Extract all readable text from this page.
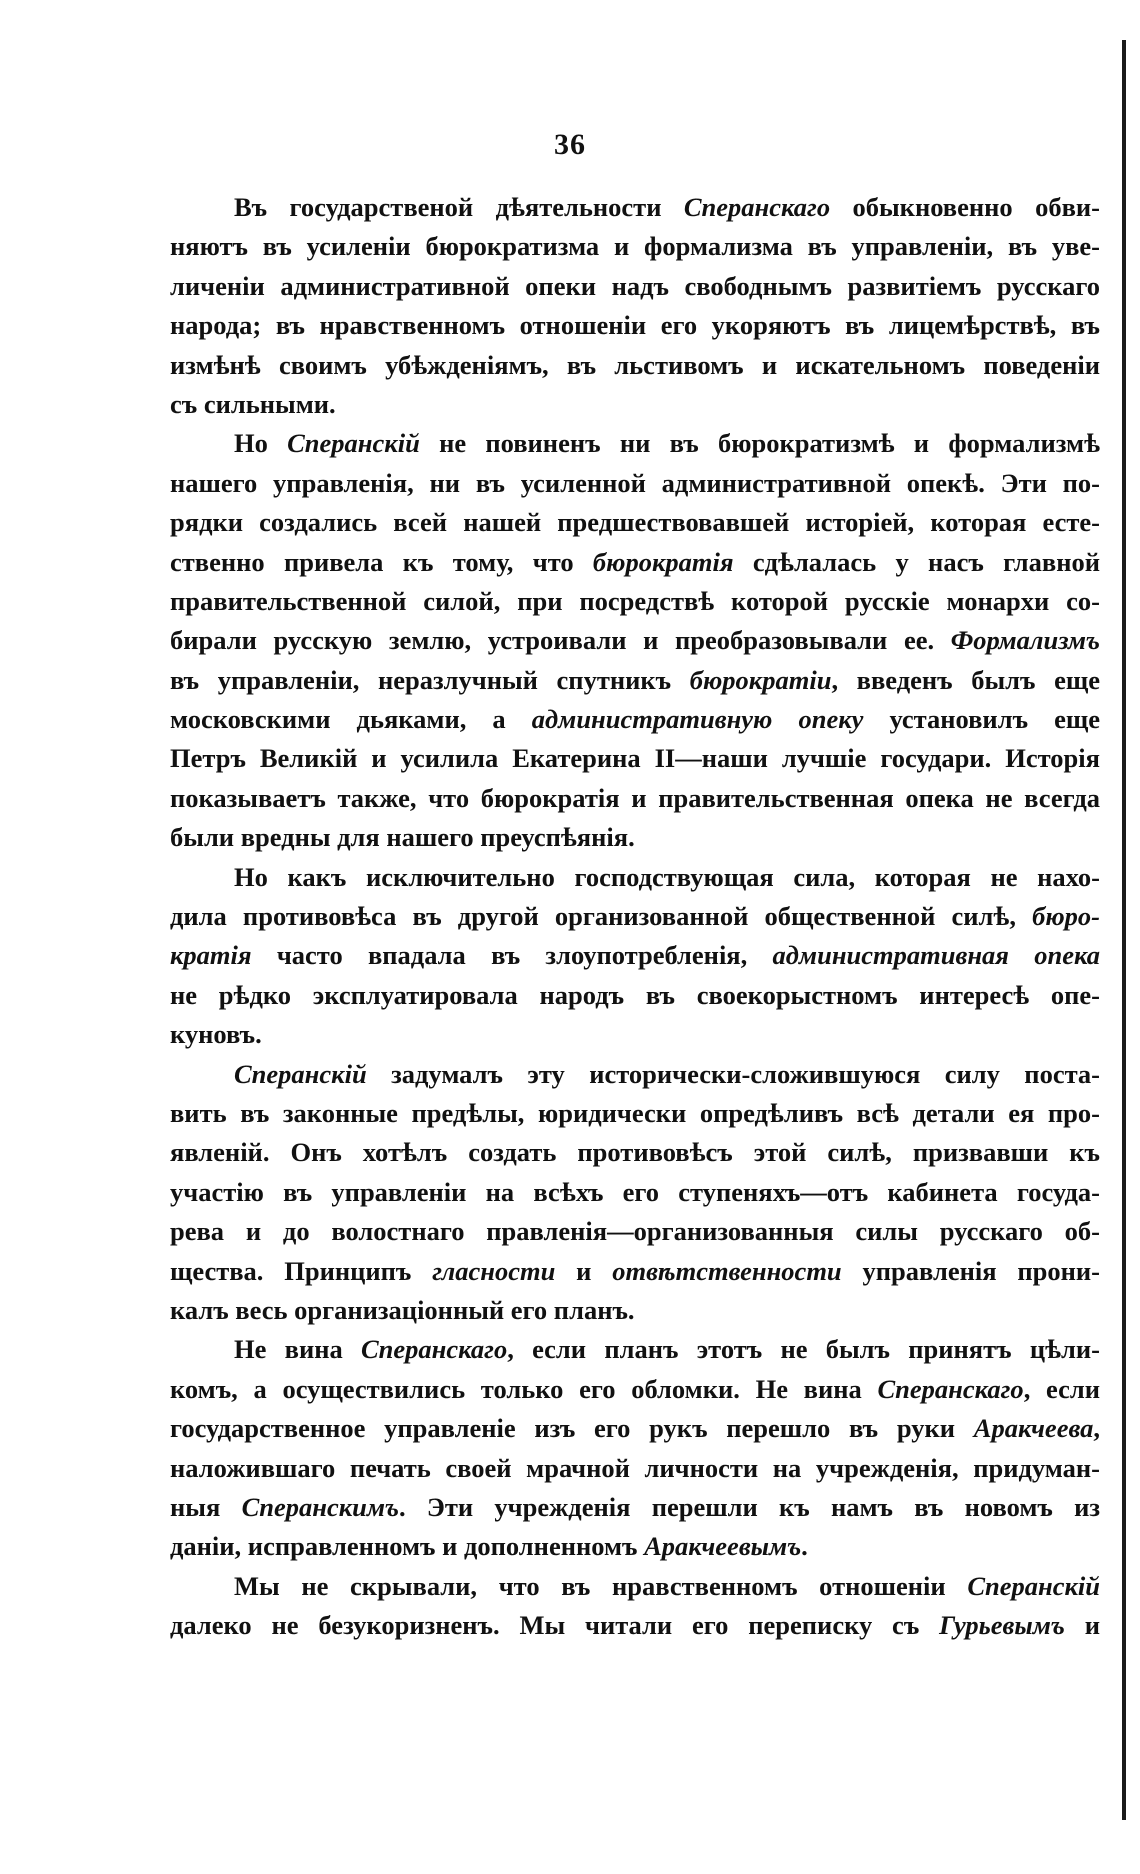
36
Въ государственой дѣятельности Сперанскаго обыкновенно обви-
няютъ въ усиленіи бюрократизма и формализма въ управленіи, въ уве-
личеніи административной опеки надъ свободнымъ развитіемъ русскаго
народа; въ нравственномъ отношеніи его укоряютъ въ лицемѣрствѣ, въ
измѣнѣ своимъ убѣжденіямъ, въ льстивомъ и искательномъ поведеніи
съ сильными.
Но Сперанскій не повиненъ ни въ бюрократизмѣ и формализмѣ
нашего управленія, ни въ усиленной административной опекѣ. Эти по-
рядки создались всей нашей предшествовавшей исторіей, которая есте-
ственно привела къ тому, что бюрократія сдѣлалась у насъ главной
правительственной силой, при посредствѣ которой русскіе монархи со-
бирали русскую землю, устроивали и преобразовывали ее. Формализмъ
въ управленіи, неразлучный спутникъ бюрократіи, введенъ былъ еще
московскими дьяками, а административную опеку установилъ еще
Петръ Великій и усилила Екатерина II—наши лучшіе государи. Исторія
показываетъ также, что бюрократія и правительственная опека не всегда
были вредны для нашего преуспѣянія.
Но какъ исключительно господствующая сила, которая не нахо-
дила противовѣса въ другой организованной общественной силѣ, бюро-
кратія часто впадала въ злоупотребленія, административная опека
не рѣдко эксплуатировала народъ въ своекорыстномъ интересѣ опе-
куновъ.
Сперанскій задумалъ эту исторически-сложившуюся силу поста-
вить въ законные предѣлы, юридически опредѣливъ всѣ детали ея про-
явленій. Онъ хотѣлъ создать противовѣсъ этой силѣ, призвавши къ
участію въ управленіи на всѣхъ его ступеняхъ—отъ кабинета госуда-
рева и до волостнаго правленія—организованныя силы русскаго об-
щества. Принципъ гласности и отвѣтственности управленія прони-
калъ весь организаціонный его планъ.
Не вина Сперанскаго, если планъ этотъ не былъ принятъ цѣли-
комъ, а осуществились только его обломки. Не вина Сперанскаго, если
государственное управленіе изъ его рукъ перешло въ руки Аракчеева,
наложившаго печать своей мрачной личности на учрежденія, придуман-
ныя Сперанскимъ. Эти учрежденія перешли къ намъ въ новомъ из
даніи, исправленномъ и дополненномъ Аракчеевымъ.
Мы не скрывали, что въ нравственномъ отношеніи Сперанскій
далеко не безукоризненъ. Мы читали его переписку съ Гурьевымъ и
